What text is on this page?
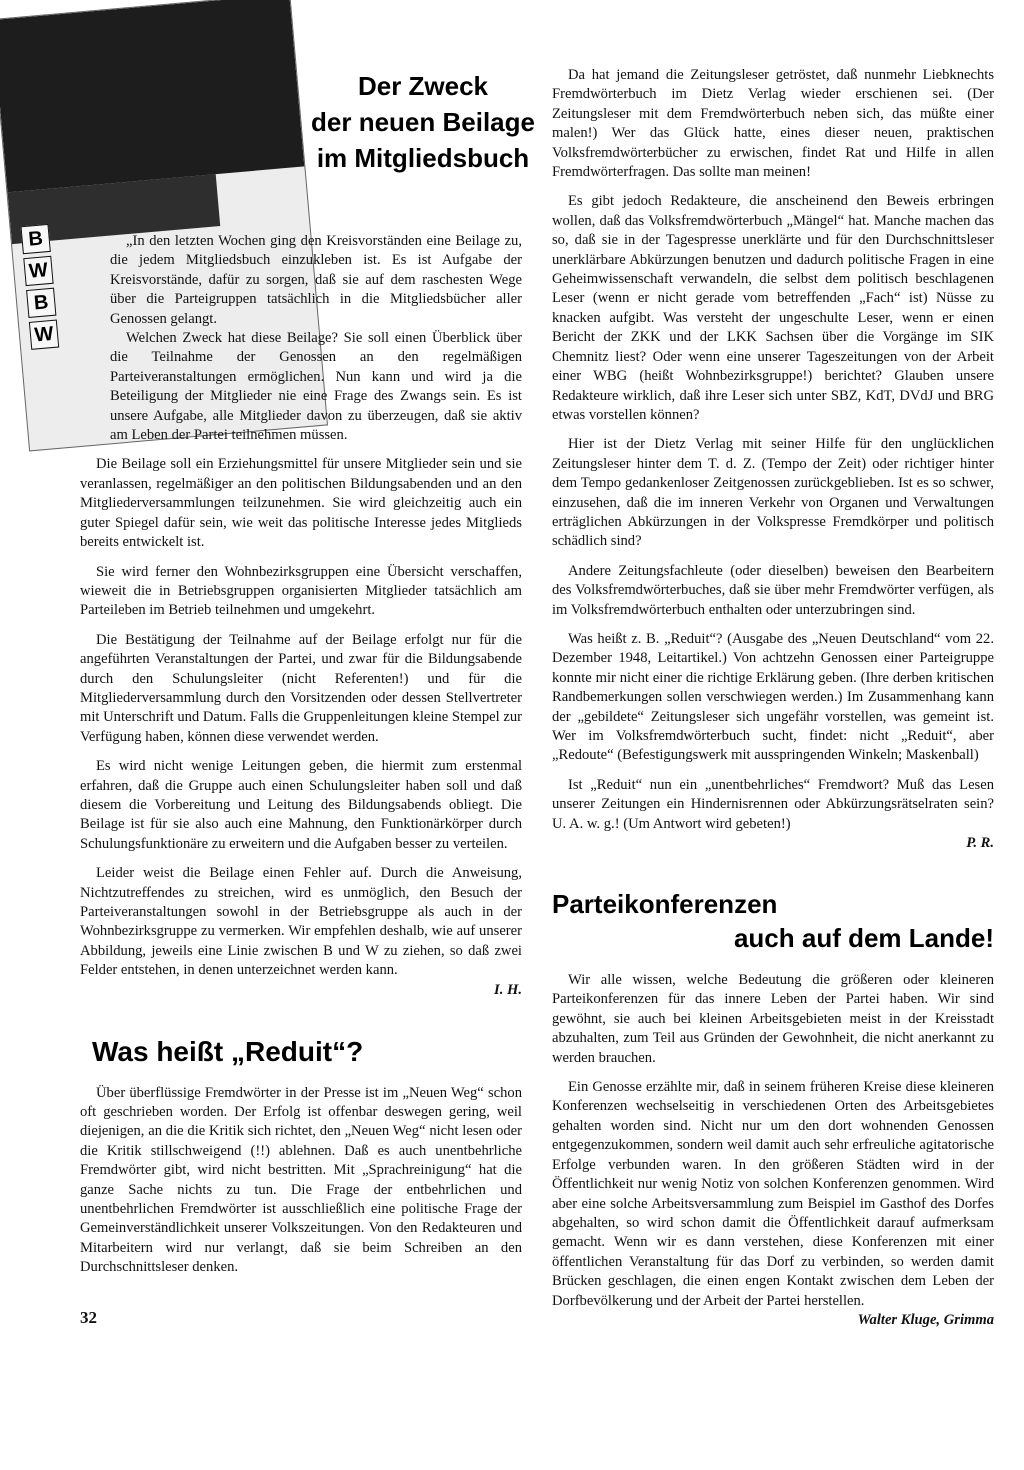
B
W
B
W
Der Zweck
der neuen Beilage
im Mitgliedsbuch

„In den letzten Wochen ging den Kreisvorständen eine Beilage zu, die jedem Mitgliedsbuch einzukleben ist. Es ist Aufgabe der Kreisvorstände, dafür zu sorgen, daß sie auf dem raschesten Wege über die Parteigruppen tatsächlich in die Mitgliedsbücher aller Genossen gelangt.

Welchen Zweck hat diese Beilage? Sie soll einen Überblick über die Teilnahme der Genossen an den regelmäßigen Parteiveranstaltungen ermöglichen. Nun kann und wird ja die Beteiligung der Mitglieder nie eine Frage des Zwangs sein. Es ist unsere Aufgabe, alle Mitglieder davon zu überzeugen, daß sie aktiv am Leben der Partei teilnehmen müssen.

Die Beilage soll ein Erziehungsmittel für unsere Mitglieder sein und sie veranlassen, regelmäßiger an den politischen Bildungsabenden und an den Mitgliederversammlungen teilzunehmen. Sie wird gleichzeitig auch ein guter Spiegel dafür sein, wie weit das politische Interesse jedes Mitglieds bereits entwickelt ist.

Sie wird ferner den Wohnbezirksgruppen eine Übersicht verschaffen, wieweit die in Betriebsgruppen organisierten Mitglieder tatsächlich am Parteileben im Betrieb teilnehmen und umgekehrt.

Die Bestätigung der Teilnahme auf der Beilage erfolgt nur für die angeführten Veranstaltungen der Partei, und zwar für die Bildungsabende durch den Schulungsleiter (nicht Referenten!) und für die Mitgliederversammlung durch den Vorsitzenden oder dessen Stellvertreter mit Unterschrift und Datum. Falls die Gruppenleitungen kleine Stempel zur Verfügung haben, können diese verwendet werden.

Es wird nicht wenige Leitungen geben, die hiermit zum erstenmal erfahren, daß die Gruppe auch einen Schulungsleiter haben soll und daß diesem die Vorbereitung und Leitung des Bildungsabends obliegt. Die Beilage ist für sie also auch eine Mahnung, den Funktionärkörper durch Schulungsfunktionäre zu erweitern und die Aufgaben besser zu verteilen.

Leider weist die Beilage einen Fehler auf. Durch die Anweisung, Nichtzutreffendes zu streichen, wird es unmöglich, den Besuch der Parteiveranstaltungen sowohl in der Betriebsgruppe als auch in der Wohnbezirksgruppe zu vermerken. Wir empfehlen deshalb, wie auf unserer Abbildung, jeweils eine Linie zwischen B und W zu ziehen, so daß zwei Felder entstehen, in denen unterzeichnet werden kann.

I. H.

Was heißt „Reduit“?

Über überflüssige Fremdwörter in der Presse ist im „Neuen Weg“ schon oft geschrieben worden. Der Erfolg ist offenbar deswegen gering, weil diejenigen, an die die Kritik sich richtet, den „Neuen Weg“ nicht lesen oder die Kritik stillschweigend (!!) ablehnen. Daß es auch unentbehrliche Fremdwörter gibt, wird nicht bestritten. Mit „Sprachreinigung“ hat die ganze Sache nichts zu tun. Die Frage der entbehrlichen und unentbehrlichen Fremdwörter ist ausschließlich eine politische Frage der Gemeinverständlichkeit unserer Volkszeitungen. Von den Redakteuren und Mitarbeitern wird nur verlangt, daß sie beim Schreiben an den Durchschnittsleser denken.

32

Da hat jemand die Zeitungsleser getröstet, daß nunmehr Liebknechts Fremdwörterbuch im Dietz Verlag wieder erschienen sei. (Der Zeitungsleser mit dem Fremdwörterbuch neben sich, das müßte einer malen!) Wer das Glück hatte, eines dieser neuen, praktischen Volksfremdwörterbücher zu erwischen, findet Rat und Hilfe in allen Fremdwörterfragen. Das sollte man meinen!

Es gibt jedoch Redakteure, die anscheinend den Beweis erbringen wollen, daß das Volksfremdwörterbuch „Mängel“ hat. Manche machen das so, daß sie in der Tagespresse unerklärte und für den Durchschnittsleser unerklärbare Abkürzungen benutzen und dadurch politische Fragen in eine Geheimwissenschaft verwandeln, die selbst dem politisch beschlagenen Leser (wenn er nicht gerade vom betreffenden „Fach“ ist) Nüsse zu knacken aufgibt. Was versteht der ungeschulte Leser, wenn er einen Bericht der ZKK und der LKK Sachsen über die Vorgänge im SIK Chemnitz liest? Oder wenn eine unserer Tageszeitungen von der Arbeit einer WBG (heißt Wohnbezirksgruppe!) berichtet? Glauben unsere Redakteure wirklich, daß ihre Leser sich unter SBZ, KdT, DVdJ und BRG etwas vorstellen können?

Hier ist der Dietz Verlag mit seiner Hilfe für den unglücklichen Zeitungsleser hinter dem T. d. Z. (Tempo der Zeit) oder richtiger hinter dem Tempo gedankenloser Zeitgenossen zurückgeblieben. Ist es so schwer, einzusehen, daß die im inneren Verkehr von Organen und Verwaltungen erträglichen Abkürzungen in der Volkspresse Fremdkörper und politisch schädlich sind?

Andere Zeitungsfachleute (oder dieselben) beweisen den Bearbeitern des Volksfremdwörterbuches, daß sie über mehr Fremdwörter verfügen, als im Volksfremdwörterbuch enthalten oder unterzubringen sind.

Was heißt z. B. „Reduit“? (Ausgabe des „Neuen Deutschland“ vom 22. Dezember 1948, Leitartikel.) Von achtzehn Genossen einer Parteigruppe konnte mir nicht einer die richtige Erklärung geben. (Ihre derben kritischen Randbemerkungen sollen verschwiegen werden.) Im Zusammenhang kann der „gebildete“ Zeitungsleser sich ungefähr vorstellen, was gemeint ist. Wer im Volksfremdwörterbuch sucht, findet: nicht „Reduit“, aber „Redoute“ (Befestigungswerk mit ausspringenden Winkeln; Maskenball)

Ist „Reduit“ nun ein „unentbehrliches“ Fremdwort? Muß das Lesen unserer Zeitungen ein Hindernisrennen oder Abkürzungsrätselraten sein? U. A. w. g.! (Um Antwort wird gebeten!)

P. R.

Parteikonferenzen
auch auf dem Lande!

Wir alle wissen, welche Bedeutung die größeren oder kleineren Parteikonferenzen für das innere Leben der Partei haben. Wir sind gewöhnt, sie auch bei kleinen Arbeitsgebieten meist in der Kreisstadt abzuhalten, zum Teil aus Gründen der Gewohnheit, die nicht anerkannt zu werden brauchen.

Ein Genosse erzählte mir, daß in seinem früheren Kreise diese kleineren Konferenzen wechselseitig in verschiedenen Orten des Arbeitsgebietes gehalten worden sind. Nicht nur um den dort wohnenden Genossen entgegenzukommen, sondern weil damit auch sehr erfreuliche agitatorische Erfolge verbunden waren. In den größeren Städten wird in der Öffentlichkeit nur wenig Notiz von solchen Konferenzen genommen. Wird aber eine solche Arbeitsversammlung zum Beispiel im Gasthof des Dorfes abgehalten, so wird schon damit die Öffentlichkeit darauf aufmerksam gemacht. Wenn wir es dann verstehen, diese Konferenzen mit einer öffentlichen Veranstaltung für das Dorf zu verbinden, so werden damit Brücken geschlagen, die einen engen Kontakt zwischen dem Leben der Dorfbevölkerung und der Arbeit der Partei herstellen.

Walter Kluge, Grimma
